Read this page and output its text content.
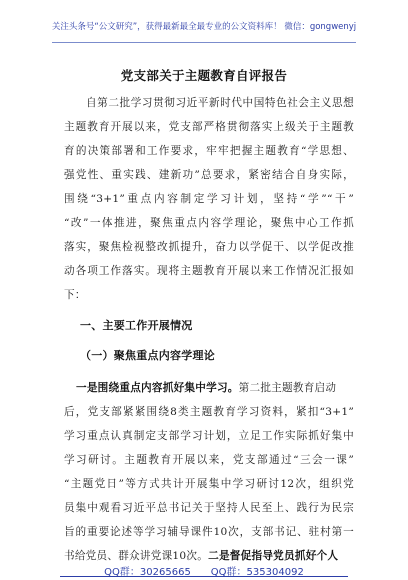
关注头条号“公文研究”，获得最新最全最专业的公文资料库！ 微信：gongwenyj
党支部关于主题教育自评报告
自第二批学习贯彻习近平新时代中国特色社会主义思想
主题教育开展以来，党支部严格贯彻落实上级关于主题教
育的决策部署和工作要求，牢牢把握主题教育“学思想、
强党性、重实践、建新功”总要求，紧密结合自身实际，
围绕“3+1”重点内容制定学习计划，坚持“学”“干”
“改”一体推进，聚焦重点内容学理论，聚焦中心工作抓
落实，聚焦检视整改抓提升，奋力以学促干、以学促改推
动各项工作落实。现将主题教育开展以来工作情况汇报如
下：
一、主要工作开展情况
（一）聚焦重点内容学理论
一是围绕重点内容抓好集中学习。第二批主题教育启动
后，党支部紧紧围绕8类主题教育学习资料，紧扣“3+1”
学习重点认真制定支部学习计划，立足工作实际抓好集中
学习研讨。主题教育开展以来，党支部通过“三会一课”
“主题党日”等方式共计开展集中学习研讨12次，组织党
员集中观看习近平总书记关于坚持人民至上、践行为民宗
旨的重要论述等学习辅导课件10次，支部书记、驻村第一
书给党员、群众讲党课10次。二是督促指导党员抓好个人
QQ群：30265665　　QQ群：535304092
